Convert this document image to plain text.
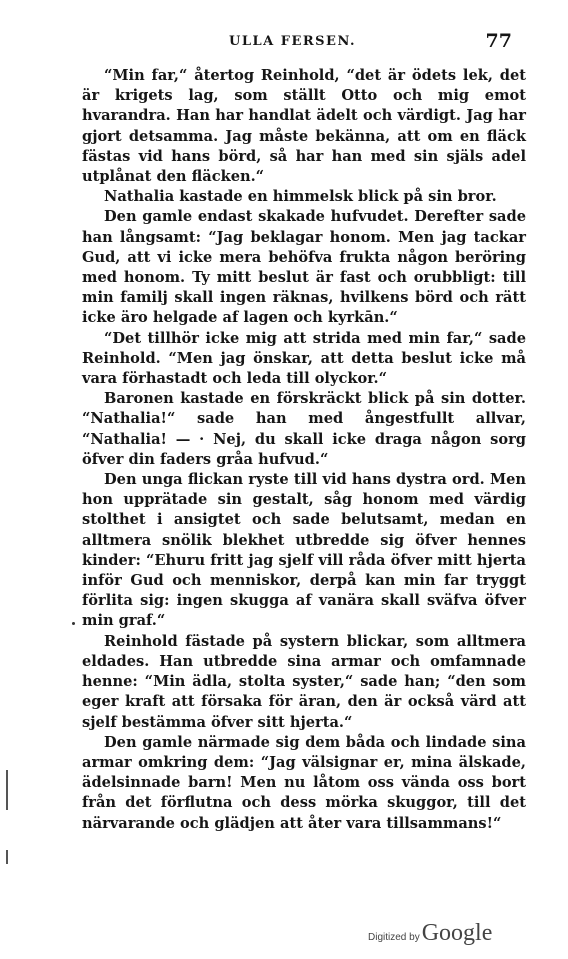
ULLA FERSEN.	77

“Min far,“ återtog Reinhold, “det är ödets lek, det är krigets lag, som ställt Otto och mig emot hvarandra. Han har handlat ädelt och värdigt. Jag har gjort detsamma. Jag måste bekänna, att om en fläck fästas vid hans börd, så har han med sin själs adel utplånat den fläcken.“

Nathalia kastade en himmelsk blick på sin bror.

Den gamle endast skakade hufvudet. Derefter sade han långsamt: “Jag beklagar honom. Men jag tackar Gud, att vi icke mera behöfva frukta någon beröring med honom. Ty mitt beslut är fast och orubbligt: till min familj skall ingen räknas, hvilkens börd och rätt icke äro helgade af lagen och kyrkān.“

“Det tillhör icke mig att strida med min far,“ sade Reinhold. “Men jag önskar, att detta beslut icke må vara förhastadt och leda till olyckor.“

Baronen kastade en förskräckt blick på sin dotter. “Nathalia!“ sade han med ångestfullt allvar, “Nathalia! — · Nej, du skall icke draga någon sorg öfver din faders gråa hufvud.“

Den unga flickan ryste till vid hans dystra ord. Men hon upprätade sin gestalt, såg honom med värdig stolthet i ansigtet och sade belutsamt, medan en alltmera snölik blekhet utbredde sig öfver hennes kinder: “Ehuru fritt jag sjelf vill råda öfver mitt hjerta inför Gud och menniskor, derpå kan min far tryggt förlita sig: ingen skugga af vanära skall sväfva öfver min graf.“

Reinhold fästade på systern blickar, som alltmera eldades. Han utbredde sina armar och omfamnade henne: “Min ädla, stolta syster,“ sade han; “den som eger kraft att försaka för äran, den är också värd att sjelf bestämma öfver sitt hjerta.“

Den gamle närmade sig dem båda och lindade sina armar omkring dem: “Jag välsignar er, mina älskade, ädelsinnade barn! Men nu låtom oss vända oss bort från det förflutna och dess mörka skuggor, till det närvarande och glädjen att åter vara tillsammans!“

Digitized by Google
